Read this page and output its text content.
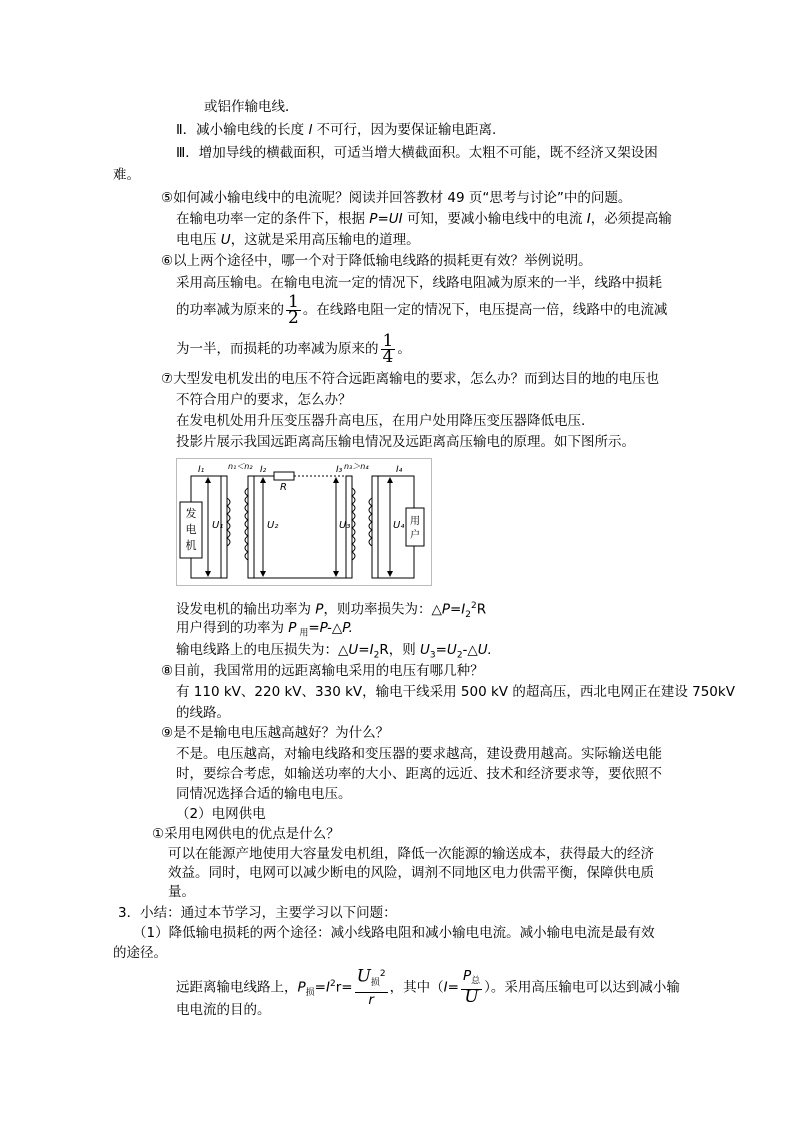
或铝作输电线．
Ⅱ．减小输电线的长度 l 不可行，因为要保证输电距离.
Ⅲ．增加导线的横截面积，可适当增大横截面积。太粗不可能，既不经济又架设困
难。
⑤如何减小输电线中的电流呢？阅读并回答教材 49 页“思考与讨论”中的问题。
在输电功率一定的条件下，根据 P=UI 可知，要减小输电线中的电流 I，必须提高输
电电压 U，这就是采用高压输电的道理。
⑥以上两个途径中，哪一个对于降低输电线路的损耗更有效？举例说明。
采用高压输电。在输电电流一定的情况下，线路电阻减为原来的一半，线路中损耗
的功率减为原来的 $\frac{1}{2}$ 。在线路电阻一定的情况下，电压提高一倍，线路中的电流减
为一半，而损耗的功率减为原来的 $\frac{1}{4}$ 。
⑦大型发电机发出的电压不符合远距离输电的要求，怎么办？而到达目的地的电压也
不符合用户的要求，怎么办？
在发电机处用升压变压器升高电压，在用户处用降压变压器降低电压.
投影片展示我国远距离高压输电情况及远距离高压输电的原理。如下图所示。
发
电
机
U₁
I₁	n₁＜n₂
R
I₂
U₂	U₃
I₃ n₃＞n₄
U₄
I₄
用
户
设发电机的输出功率为 P，则功率损失为：$\triangle P=I_2^2R$
用户得到的功率为 P $_用$=P-△P.
输电线路上的电压损失为：$\triangle U=I_2R$，则 $U_3=U_2-\triangle U$.
⑧目前，我国常用的远距离输电采用的电压有哪几种？
有 110 kV、220 kV、330 kV，输电干线采用 500 kV 的超高压，西北电网正在建设 750kV
的线路。
⑨是不是输电电压越高越好？为什么？
不是。电压越高，对输电线路和变压器的要求越高，建设费用越高。实际输送电能
时，要综合考虑，如输送功率的大小、距离的远近、技术和经济要求等，要依照不
同情况选择合适的输电电压。
（2）电网供电
①采用电网供电的优点是什么？
可以在能源产地使用大容量发电机组，降低一次能源的输送成本，获得最大的经济
效益。同时，电网可以减少断电的风险，调剂不同地区电力供需平衡，保障供电质
量。
3．小结：通过本节学习，主要学习以下问题：
（1）降低输电损耗的两个途径：减小线路电阻和减小输电电流。减小输电电流是最有效
的途径。
远距离输电线路上，$P_损=I^2r= \frac{U_损^2}{r}$ ，其中（$I= \frac{P_总}{U}$ ）。采用高压输电可以达到减小输
电电流的目的。
